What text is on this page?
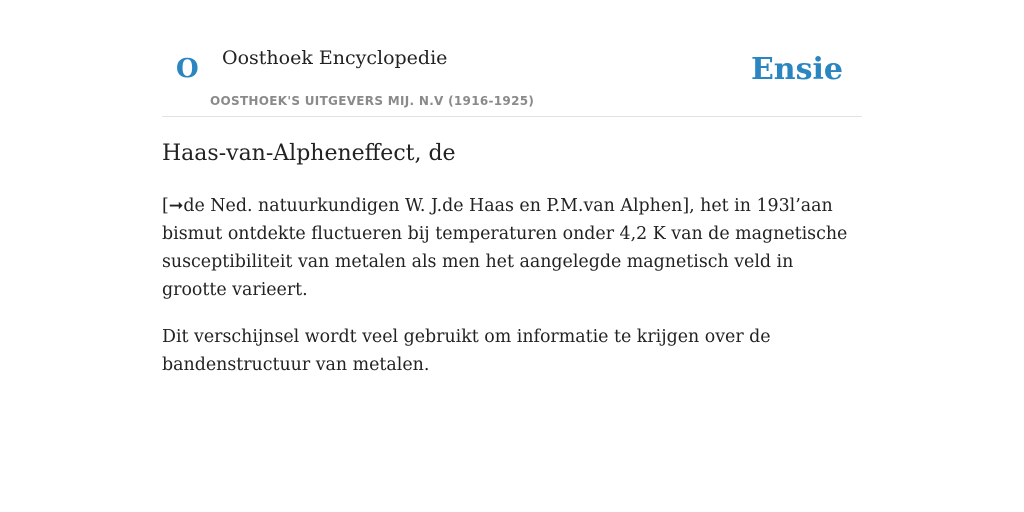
O Oosthoek Encyclopedie
OOSTHOEK'S UITGEVERS MIJ. N.V (1916-1925)
Ensie
Haas-van-Alpheneffect, de

[➞de Ned. natuurkundigen W. J.de Haas en P.M.van Alphen], het in 193l’aan bismut ontdekte fluctueren bij temperaturen onder 4,2 K van de magnetische susceptibiliteit van metalen als men het aangelegde magnetisch veld in grootte varieert.

Dit verschijnsel wordt veel gebruikt om informatie te krijgen over de bandenstructuur van metalen.
